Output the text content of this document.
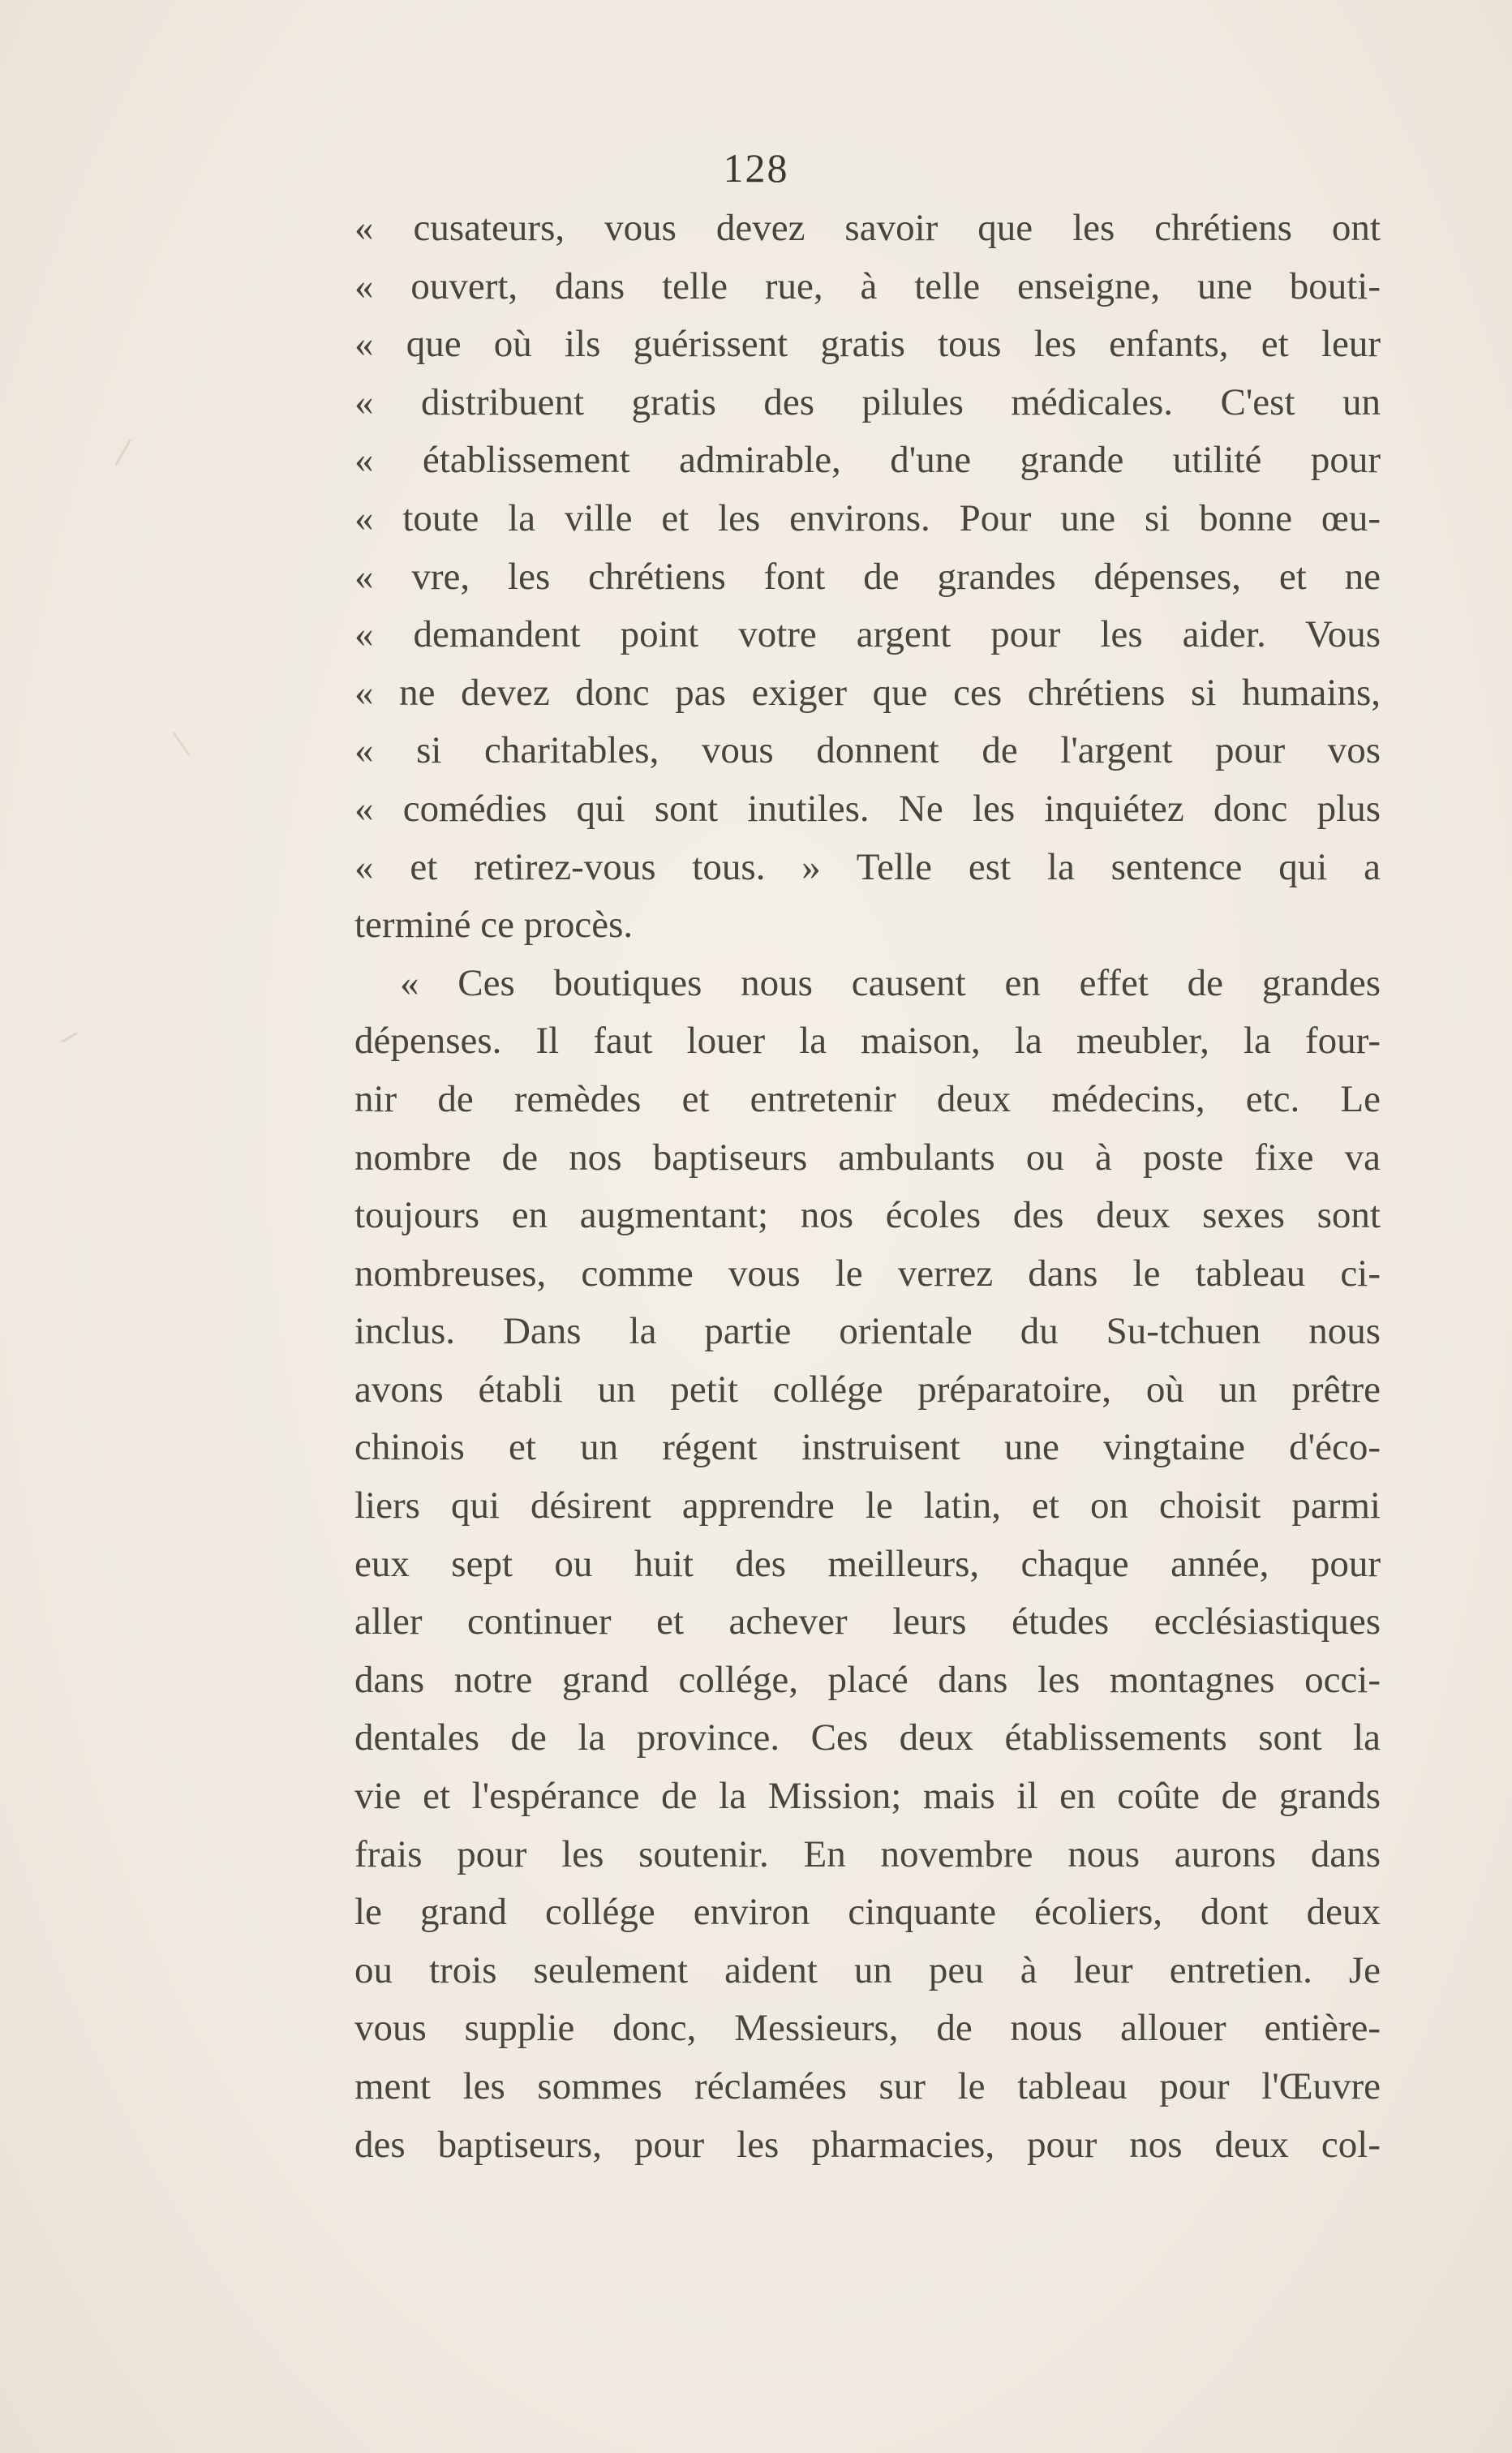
128
« cusateurs, vous devez savoir que les chrétiens ont
« ouvert, dans telle rue, à telle enseigne, une bouti-
« que où ils guérissent gratis tous les enfants, et leur
« distribuent gratis des pilules médicales. C'est un
« établissement admirable, d'une grande utilité pour
« toute la ville et les environs. Pour une si bonne œu-
« vre, les chrétiens font de grandes dépenses, et ne
« demandent point votre argent pour les aider. Vous
« ne devez donc pas exiger que ces chrétiens si humains,
« si charitables, vous donnent de l'argent pour vos
« comédies qui sont inutiles. Ne les inquiétez donc plus
« et retirez-vous tous. » Telle est la sentence qui a
terminé ce procès.
« Ces boutiques nous causent en effet de grandes
dépenses. Il faut louer la maison, la meubler, la four-
nir de remèdes et entretenir deux médecins, etc. Le
nombre de nos baptiseurs ambulants ou à poste fixe va
toujours en augmentant; nos écoles des deux sexes sont
nombreuses, comme vous le verrez dans le tableau ci-
inclus. Dans la partie orientale du Su-tchuen nous
avons établi un petit collége préparatoire, où un prêtre
chinois et un régent instruisent une vingtaine d'éco-
liers qui désirent apprendre le latin, et on choisit parmi
eux sept ou huit des meilleurs, chaque année, pour
aller continuer et achever leurs études ecclésiastiques
dans notre grand collége, placé dans les montagnes occi-
dentales de la province. Ces deux établissements sont la
vie et l'espérance de la Mission; mais il en coûte de grands
frais pour les soutenir. En novembre nous aurons dans
le grand collége environ cinquante écoliers, dont deux
ou trois seulement aident un peu à leur entretien. Je
vous supplie donc, Messieurs, de nous allouer entière-
ment les sommes réclamées sur le tableau pour l'Œuvre
des baptiseurs, pour les pharmacies, pour nos deux col-
